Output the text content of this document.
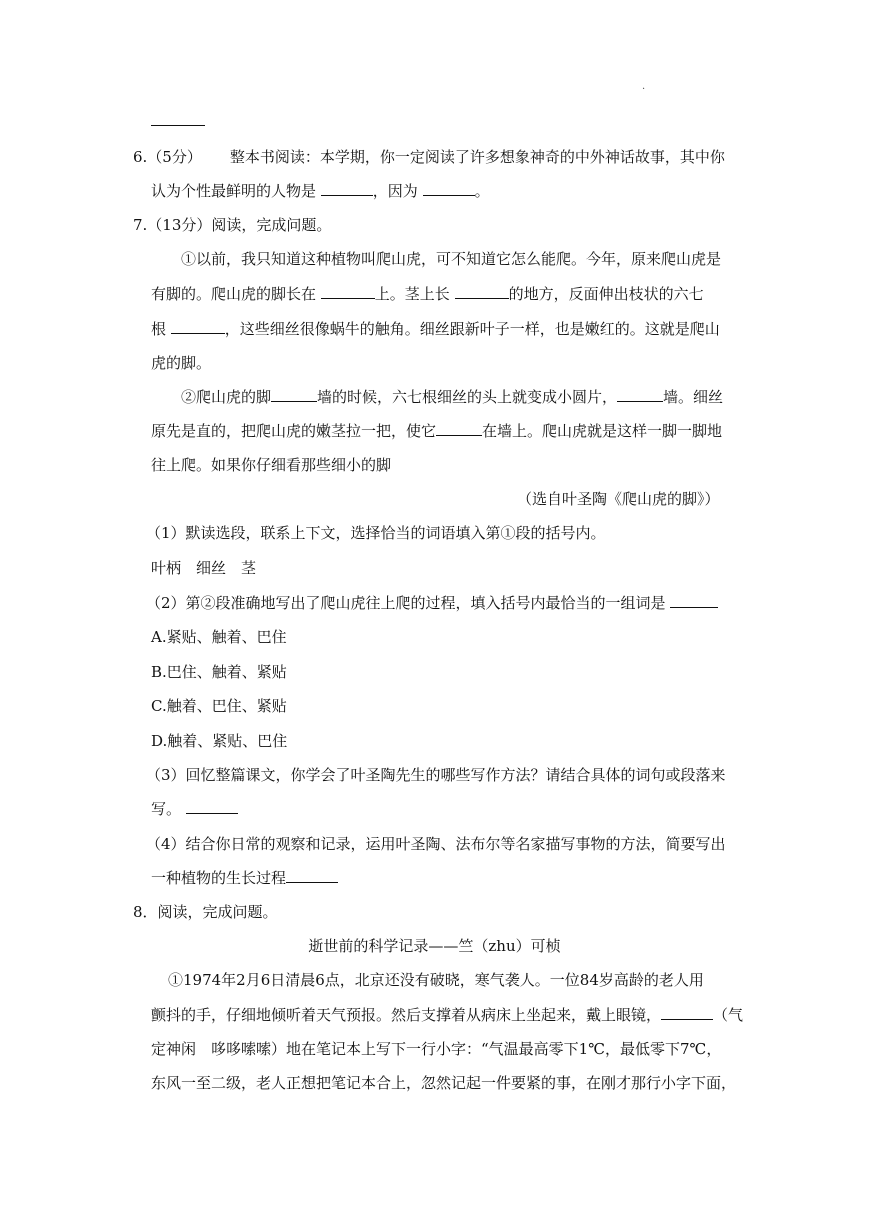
·
6.（5分） 整本书阅读：本学期，你一定阅读了许多想象神奇的中外神话故事，其中你
认为个性最鲜明的人物是	，因为	。
7.（13分）阅读，完成问题。
①以前，我只知道这种植物叫爬山虎，可不知道它怎么能爬。今年，原来爬山虎是
有脚的。爬山虎的脚长在	上。茎上长	的地方，反面伸出枝状的六七
根	，这些细丝很像蜗牛的触角。细丝跟新叶子一样，也是嫩红的。这就是爬山
虎的脚。
②爬山虎的脚	墙的时候，六七根细丝的头上就变成小圆片，	墙。细丝
原先是直的，把爬山虎的嫩茎拉一把，使它	在墙上。爬山虎就是这样一脚一脚地
往上爬。如果你仔细看那些细小的脚
（选自叶圣陶《爬山虎的脚》）
（1）默读选段，联系上下文，选择恰当的词语填入第①段的括号内。
叶柄　细丝　茎
（2）第②段准确地写出了爬山虎往上爬的过程，填入括号内最恰当的一组词是
A.紧贴、触着、巴住
B.巴住、触着、紧贴
C.触着、巴住、紧贴
D.触着、紧贴、巴住
（3）回忆整篇课文，你学会了叶圣陶先生的哪些写作方法？请结合具体的词句或段落来
写。
（4）结合你日常的观察和记录，运用叶圣陶、法布尔等名家描写事物的方法，简要写出
一种植物的生长过程
8．阅读，完成问题。
逝世前的科学记录——竺（zhu）可桢
①1974年2月6日清晨6点，北京还没有破晓，寒气袭人。一位84岁高龄的老人用
颤抖的手，仔细地倾听着天气预报。然后支撑着从病床上坐起来，戴上眼镜，	（气
定神闲　哆哆嗦嗦）地在笔记本上写下一行小字：“气温最高零下1℃，最低零下7℃，
东风一至二级，老人正想把笔记本合上，忽然记起一件要紧的事，在刚才那行小字下面，
